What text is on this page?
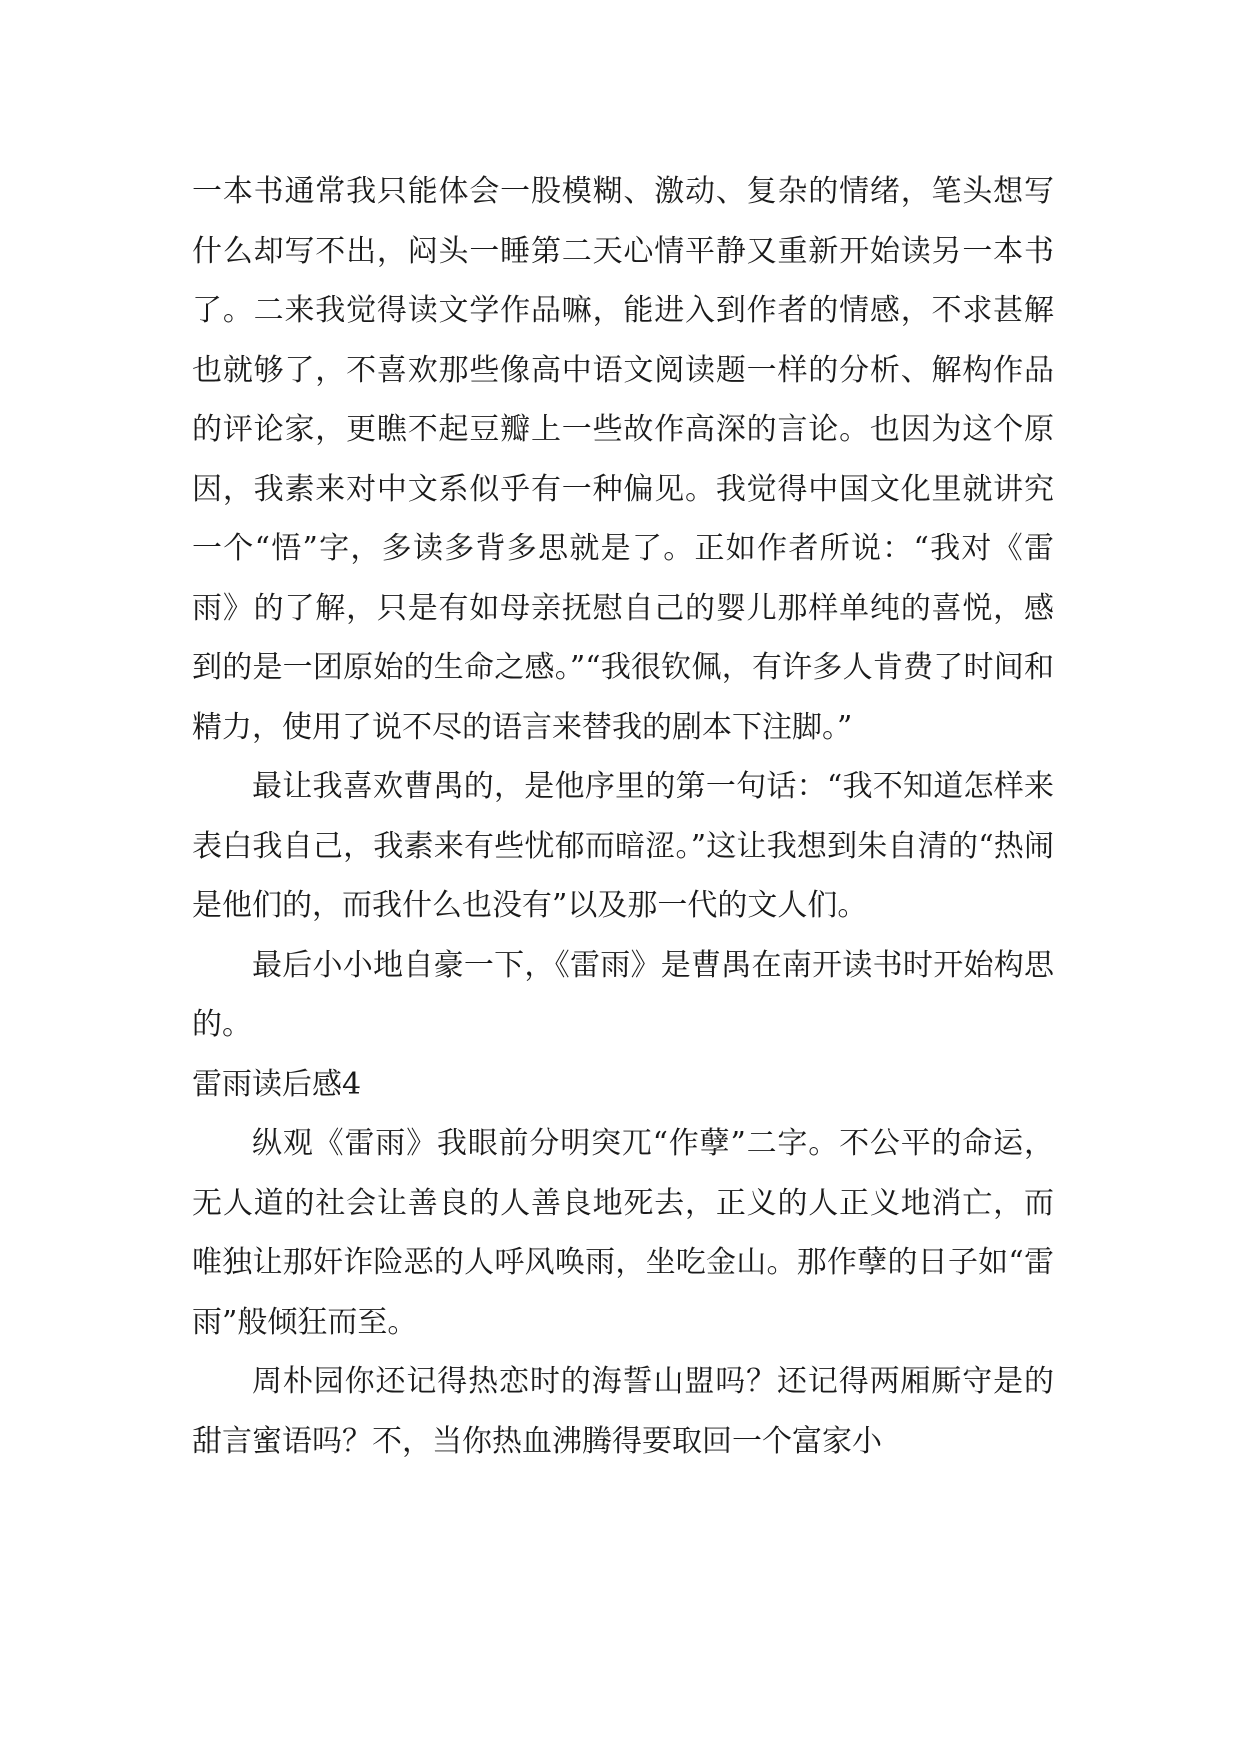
一本书通常我只能体会一股模糊、激动、复杂的情绪，笔头想写什么却写不出，闷头一睡第二天心情平静又重新开始读另一本书了。二来我觉得读文学作品嘛，能进入到作者的情感，不求甚解也就够了，不喜欢那些像高中语文阅读题一样的分析、解构作品的评论家，更瞧不起豆瓣上一些故作高深的言论。也因为这个原因，我素来对中文系似乎有一种偏见。我觉得中国文化里就讲究一个“悟”字，多读多背多思就是了。正如作者所说：“我对《雷雨》的了解，只是有如母亲抚慰自己的婴儿那样单纯的喜悦，感到的是一团原始的生命之感。”“我很钦佩，有许多人肯费了时间和精力，使用了说不尽的语言来替我的剧本下注脚。”

最让我喜欢曹禺的，是他序里的第一句话：“我不知道怎样来表白我自己，我素来有些忧郁而暗涩。”这让我想到朱自清的“热闹是他们的，而我什么也没有”以及那一代的文人们。

最后小小地自豪一下，《雷雨》是曹禺在南开读书时开始构思的。

雷雨读后感4

纵观《雷雨》我眼前分明突兀“作孽”二字。不公平的命运，无人道的社会让善良的人善良地死去，正义的人正义地消亡，而唯独让那奸诈险恶的人呼风唤雨，坐吃金山。那作孽的日子如“雷雨”般倾狂而至。

周朴园你还记得热恋时的海誓山盟吗？还记得两厢厮守是的甜言蜜语吗？不，当你热血沸腾得要取回一个富家小
